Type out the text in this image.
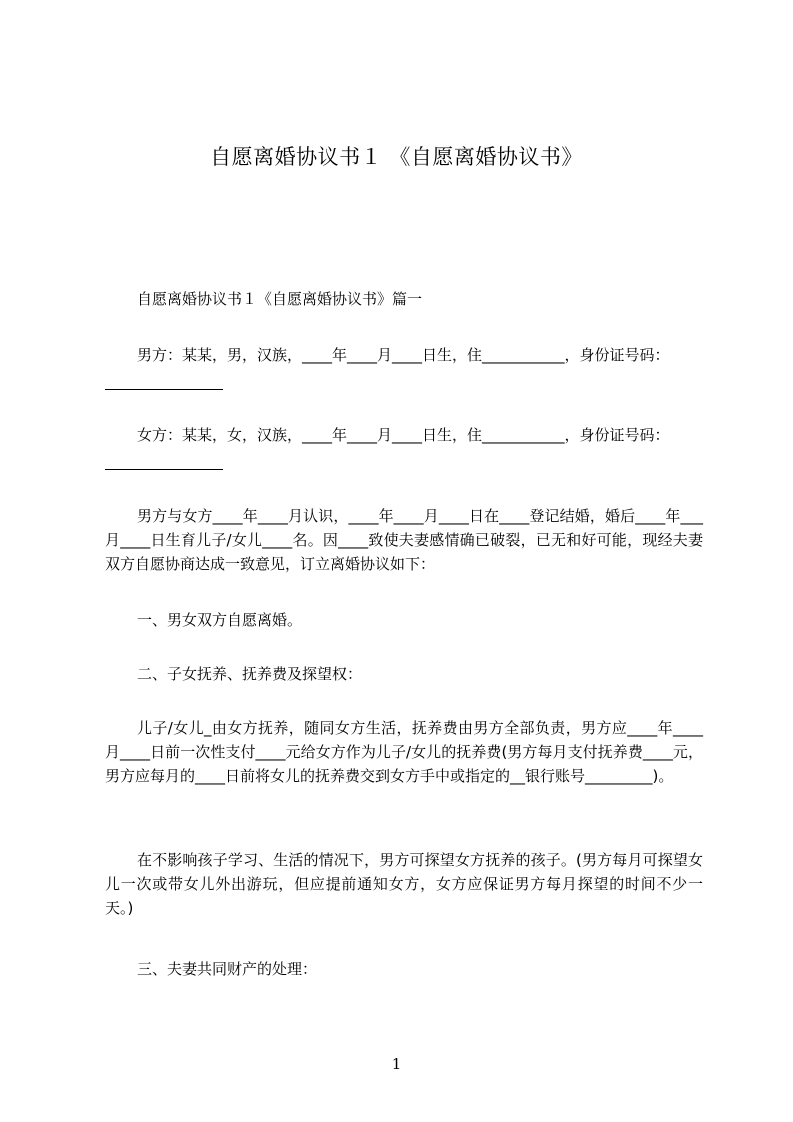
自愿离婚协议书１ 《自愿离婚协议书》
自愿离婚协议书１《自愿离婚协议书》篇一
男方：某某，男，汉族，____年____月____日生，住___________，身份证号码：
女方：某某，女，汉族，____年____月____日生，住___________，身份证号码：
男方与女方____年____月认识，____年____月____日在____登记结婚，婚后____年___月____日生育儿子/女儿____名。因____致使夫妻感情确已破裂，已无和好可能，现经夫妻双方自愿协商达成一致意见，订立离婚协议如下：
一、男女双方自愿离婚。
二、子女抚养、抚养费及探望权：
儿子/女儿_由女方抚养，随同女方生活，抚养费由男方全部负责，男方应____年____月____日前一次性支付____元给女方作为儿子/女儿的抚养费(男方每月支付抚养费____元，男方应每月的____日前将女儿的抚养费交到女方手中或指定的__银行账号_________)。
在不影响孩子学习、生活的情况下，男方可探望女方抚养的孩子。(男方每月可探望女儿一次或带女儿外出游玩，但应提前通知女方，女方应保证男方每月探望的时间不少一天。)
三、夫妻共同财产的处理：
1
